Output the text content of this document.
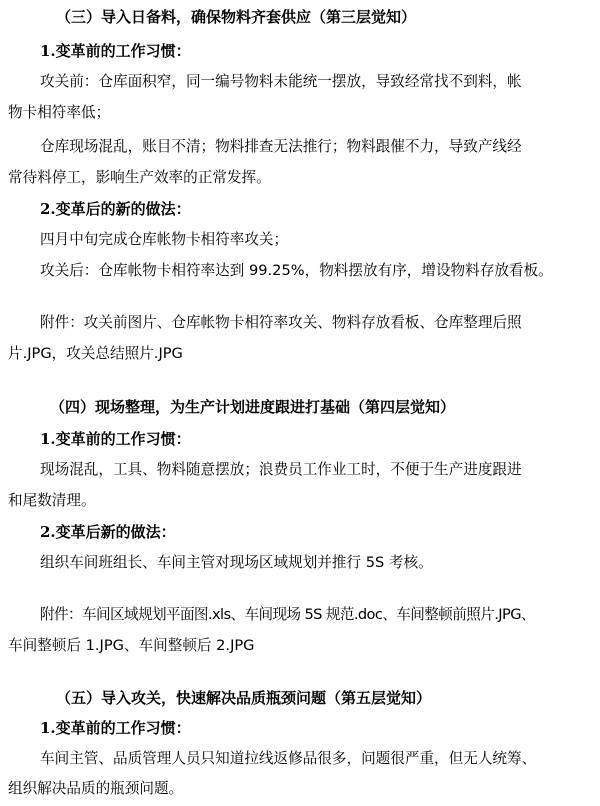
（三）导入日备料，确保物料齐套供应（第三层觉知）
1.变革前的工作习惯：
攻关前：仓库面积窄，同一编号物料未能统一摆放，导致经常找不到料，帐
物卡相符率低；
仓库现场混乱，账目不清；物料排查无法推行；物料跟催不力，导致产线经
常待料停工，影响生产效率的正常发挥。
2.变革后的新的做法：
四月中旬完成仓库帐物卡相符率攻关；
攻关后：仓库帐物卡相符率达到 99.25%，物料摆放有序，增设物料存放看板。
附件：攻关前图片、仓库帐物卡相符率攻关、物料存放看板、仓库整理后照
片.JPG，攻关总结照片.JPG
（四）现场整理，为生产计划进度跟进打基础（第四层觉知）
1.变革前的工作习惯：
现场混乱，工具、物料随意摆放；浪费员工作业工时，不便于生产进度跟进
和尾数清理。
2.变革后新的做法：
组织车间班组长、车间主管对现场区域规划并推行 5S 考核。
附件：车间区域规划平面图.xls、车间现场 5S 规范.doc、车间整顿前照片.JPG、
车间整顿后 1.JPG、车间整顿后 2.JPG
（五）导入攻关，快速解决品质瓶颈问题（第五层觉知）
1.变革前的工作习惯：
车间主管、品质管理人员只知道拉线返修品很多，问题很严重，但无人统筹、
组织解决品质的瓶颈问题。
